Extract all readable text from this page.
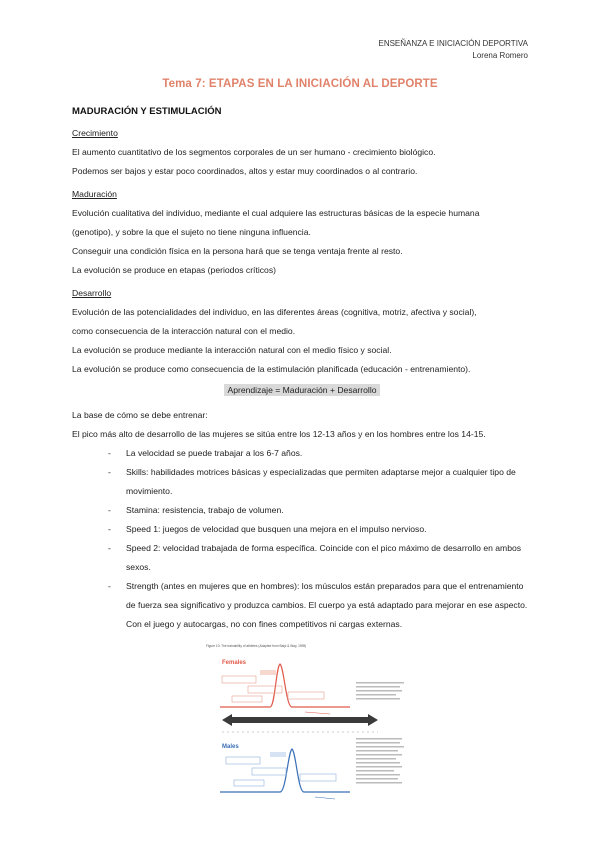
ENSEÑANZA E INICIACIÓN DEPORTIVA
Lorena Romero
Tema 7: ETAPAS EN LA INICIACIÓN AL DEPORTE
MADURACIÓN Y ESTIMULACIÓN
Crecimiento
El aumento cuantitativo de los segmentos corporales de un ser humano - crecimiento biológico.
Podemos ser bajos y estar poco coordinados, altos y estar muy coordinados o al contrario.
Maduración
Evolución cualitativa del individuo, mediante el cual adquiere las estructuras básicas de la especie humana
(genotipo), y sobre la que el sujeto no tiene ninguna influencia.
Conseguir una condición física en la persona hará que se tenga ventaja frente al resto.
La evolución se produce en etapas (periodos críticos)
Desarrollo
Evolución de las potencialidades del individuo, en las diferentes áreas (cognitiva, motriz, afectiva y social),
como consecuencia de la interacción natural con el medio.
La evolución se produce mediante la interacción natural con el medio físico y social.
La evolución se produce como consecuencia de la estimulación planificada (educación - entrenamiento).
Aprendizaje = Maduración + Desarrollo
La base de cómo se debe entrenar:
El pico más alto de desarrollo de las mujeres se sitúa entre los 12-13 años y en los hombres entre los 14-15.
- La velocidad se puede trabajar a los 6-7 años.
- Skills: habilidades motrices básicas y especializadas que permiten adaptarse mejor a cualquier tipo de movimiento.
- Stamina: resistencia, trabajo de volumen.
- Speed 1: juegos de velocidad que busquen una mejora en el impulso nervioso.
- Speed 2: velocidad trabajada de forma específica. Coincide con el pico máximo de desarrollo en ambos sexos.
- Strength (antes en mujeres que en hombres): los músculos están preparados para que el entrenamiento de fuerza sea significativo y produzca cambios. El cuerpo ya está adaptado para mejorar en ese aspecto. Con el juego y autocargas, no con fines competitivos ni cargas externas.
Figure 10: The trainability of athletes (Adapted from Balyi & Way, 1995)
Females
Males
